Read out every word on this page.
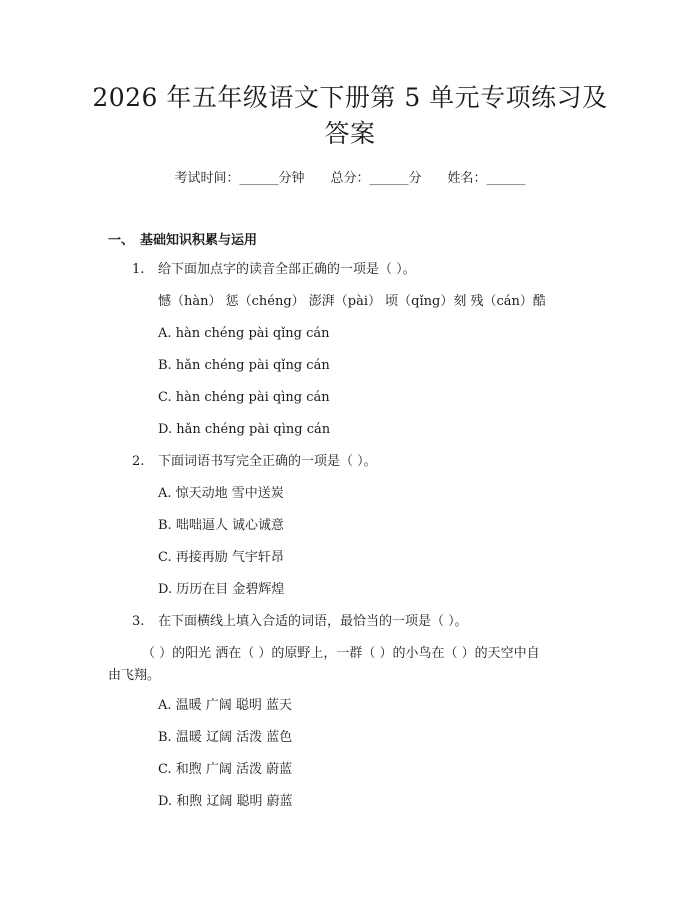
2026 年五年级语文下册第 5 单元专项练习及
答案
考试时间：______分钟 总分：______分 姓名：______
一、 基础知识积累与运用
1. 给下面加点字的读音全部正确的一项是（ ）。
憾（hàn） 惩（chéng） 澎湃（pài） 顷（qǐng）刻 残（cán）酷
A. hàn chéng pài qǐng cán
B. hǎn chéng pài qǐng cán
C. hàn chéng pài qìng cán
D. hǎn chéng pài qìng cán
2. 下面词语书写完全正确的一项是（ ）。
A. 惊天动地 雪中送炭
B. 咄咄逼人 诚心诚意
C. 再接再励 气宇轩昂
D. 历历在目 金碧辉煌
3. 在下面横线上填入合适的词语，最恰当的一项是（ ）。
（ ）的阳光 洒在（ ）的原野上，一群（ ）的小鸟在（ ）的天空中自
由飞翔。
A. 温暖 广阔 聪明 蓝天
B. 温暖 辽阔 活泼 蓝色
C. 和煦 广阔 活泼 蔚蓝
D. 和煦 辽阔 聪明 蔚蓝
